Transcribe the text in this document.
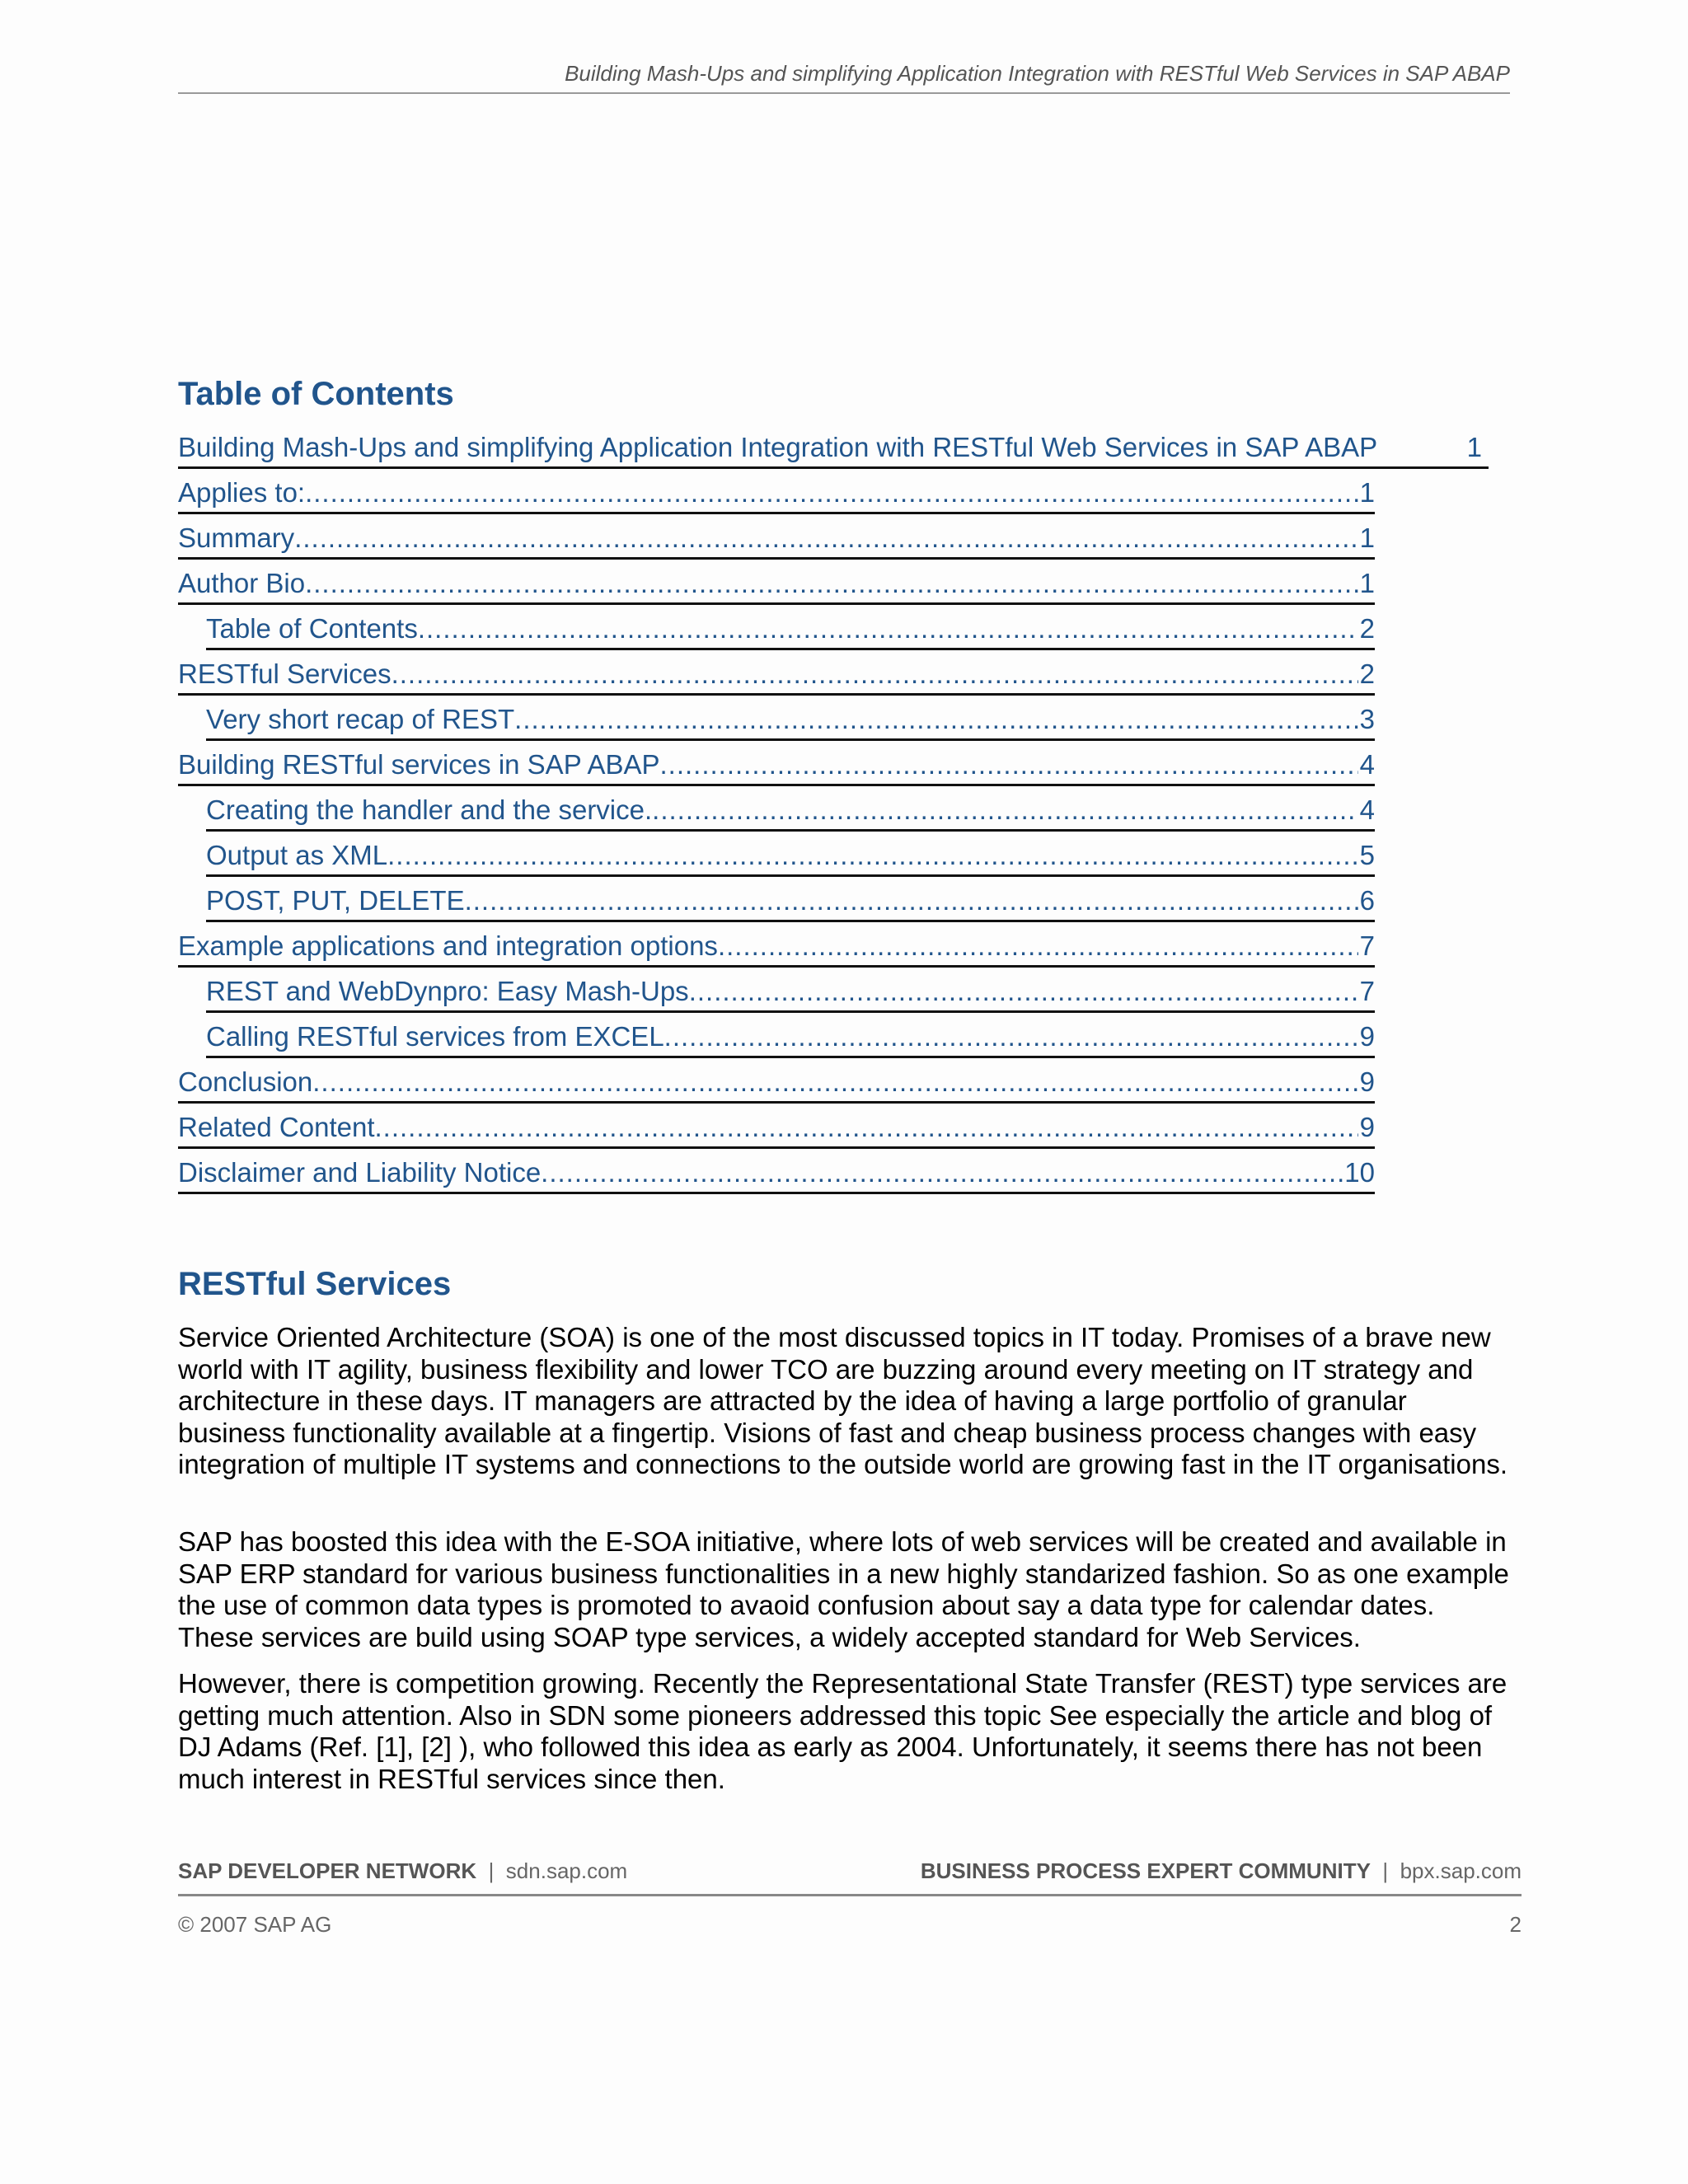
Building Mash-Ups and simplifying Application Integration with RESTful Web Services in SAP ABAP
Table of Contents
Building Mash-Ups and simplifying Application Integration with RESTful Web Services in SAP ABAP	1
Applies to: .....	1
Summary .....	1
Author Bio .....	1
Table of Contents .....	2
RESTful Services .....	2
Very short recap of REST .....	3
Building RESTful services in SAP ABAP .....	4
Creating the handler and the service. .....	4
Output as XML .....	5
POST, PUT, DELETE .....	6
Example applications and integration options .....	7
REST and WebDynpro: Easy Mash-Ups .....	7
Calling RESTful services from EXCEL .....	9
Conclusion .....	9
Related Content .....	9
Disclaimer and Liability Notice .....	10
RESTful Services

Service Oriented Architecture (SOA) is one of the most discussed topics in IT today. Promises of a brave new world with IT agility, business flexibility and lower TCO are buzzing around every meeting on IT strategy and architecture in these days. IT managers are attracted by the idea of having a large portfolio of granular business functionality available at a fingertip. Visions of fast and cheap business process changes with easy integration of multiple IT systems and connections to the outside world are growing fast in the IT organisations.

SAP has boosted this idea with the E-SOA initiative, where lots of web services will be created and available in SAP ERP standard for various business functionalities in a new highly standarized fashion. So as one example the use of common data types is promoted to avaoid confusion about say a data type for calendar dates. These services are build using SOAP type services, a widely accepted standard for Web Services.

However, there is competition growing. Recently the Representational State Transfer (REST) type services are getting much attention. Also in SDN some pioneers addressed this topic See especially the article and blog of DJ Adams (Ref. [1], [2] ), who followed this idea as early as 2004. Unfortunately, it seems there has not been much interest in RESTful services since then.

SAP DEVELOPER NETWORK | sdn.sap.com	BUSINESS PROCESS EXPERT COMMUNITY | bpx.sap.com
© 2007 SAP AG	2
